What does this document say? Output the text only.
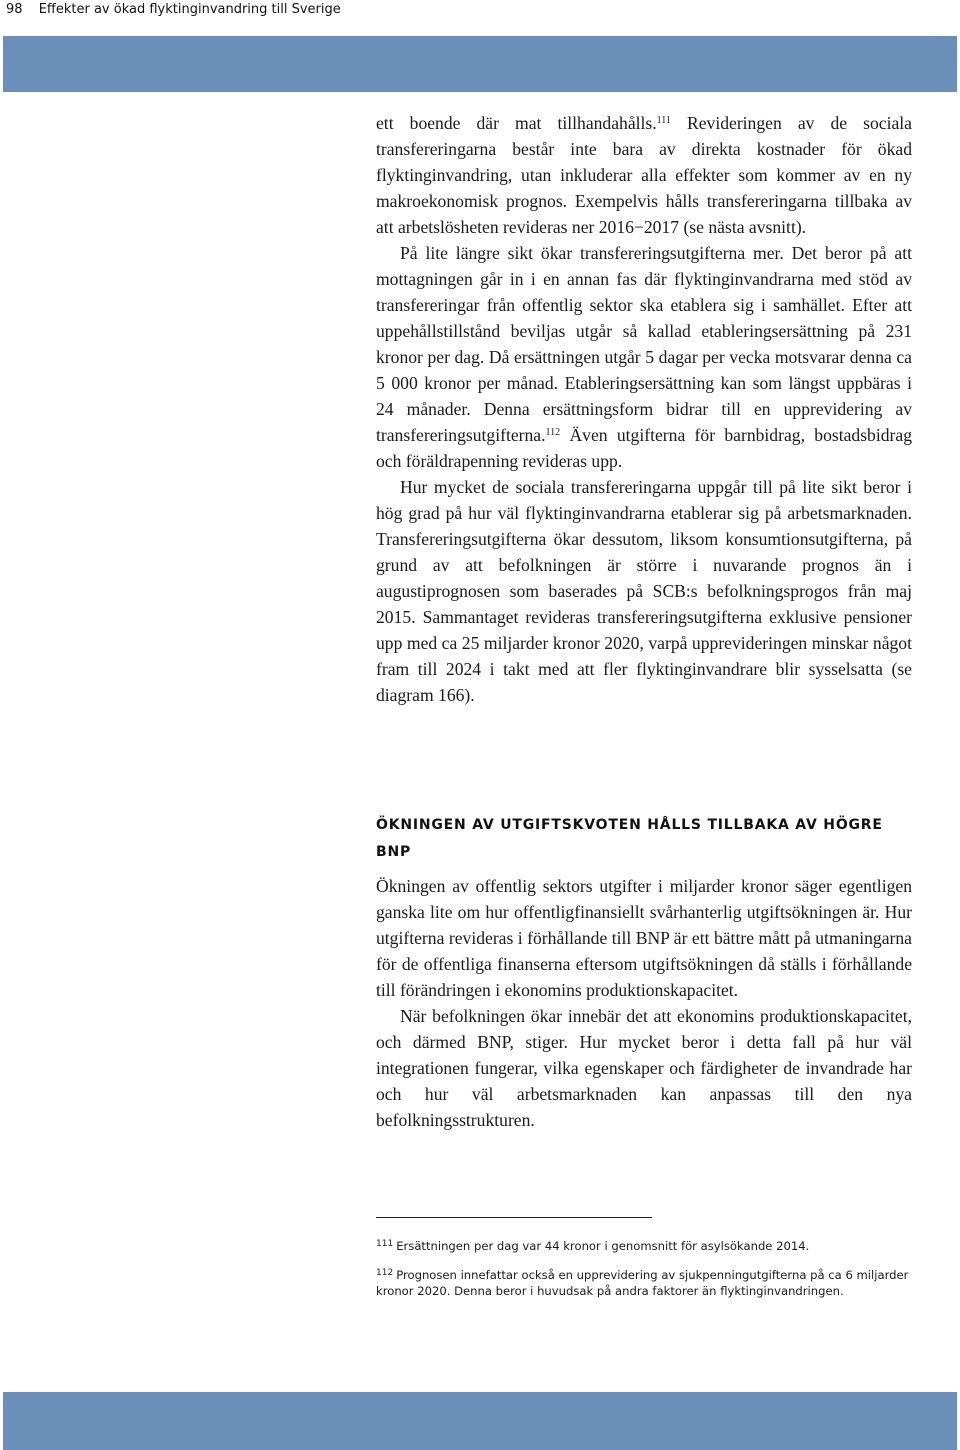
98 Effekter av ökad flyktinginvandring till Sverige

ett boende där mat tillhandahålls.$^{111}$ Revideringen av de sociala transfereringarna består inte bara av direkta kostnader för ökad flyktinginvandring, utan inkluderar alla effekter som kommer av en ny makroekonomisk prognos. Exempelvis hålls transfereringarna tillbaka av att arbetslösheten revideras ner 2016−2017 (se nästa avsnitt).

På lite längre sikt ökar transfereringsutgifterna mer. Det beror på att mottagningen går in i en annan fas där flyktinginvandrarna med stöd av transfereringar från offentlig sektor ska etablera sig i samhället. Efter att uppehållstillstånd beviljas utgår så kallad etableringsersättning på 231 kronor per dag. Då ersättningen utgår 5 dagar per vecka motsvarar denna ca 5 000 kronor per månad. Etableringsersättning kan som längst uppbäras i 24 månader. Denna ersättningsform bidrar till en upprevidering av transfereringsutgifterna.$^{112}$ Även utgifterna för barnbidrag, bostadsbidrag och föräldrapenning revideras upp.

Hur mycket de sociala transfereringarna uppgår till på lite sikt beror i hög grad på hur väl flyktinginvandrarna etablerar sig på arbetsmarknaden. Transfereringsutgifterna ökar dessutom, liksom konsumtionsutgifterna, på grund av att befolkningen är större i nuvarande prognos än i augustiprognosen som baserades på SCB:s befolkningsprogos från maj 2015. Sammantaget revideras transfereringsutgifterna exklusive pensioner upp med ca 25 miljarder kronor 2020, varpå upprevideringen minskar något fram till 2024 i takt med att fler flyktinginvandrare blir sysselsatta (se diagram 166).

ÖKNINGEN AV UTGIFTSKVOTEN HÅLLS TILLBAKA AV HÖGRE BNP

Ökningen av offentlig sektors utgifter i miljarder kronor säger egentligen ganska lite om hur offentligfinansiellt svårhanterlig utgiftsökningen är. Hur utgifterna revideras i förhållande till BNP är ett bättre mått på utmaningarna för de offentliga finanserna eftersom utgiftsökningen då ställs i förhållande till förändringen i ekonomins produktionskapacitet.

När befolkningen ökar innebär det att ekonomins produktionskapacitet, och därmed BNP, stiger. Hur mycket beror i detta fall på hur väl integrationen fungerar, vilka egenskaper och färdigheter de invandrade har och hur väl arbetsmarknaden kan anpassas till den nya befolkningsstrukturen.

$^{111}$ Ersättningen per dag var 44 kronor i genomsnitt för asylsökande 2014.
$^{112}$ Prognosen innefattar också en upprevidering av sjukpenningutgifterna på ca 6 miljarder kronor 2020. Denna beror i huvudsak på andra faktorer än flyktinginvandringen.
